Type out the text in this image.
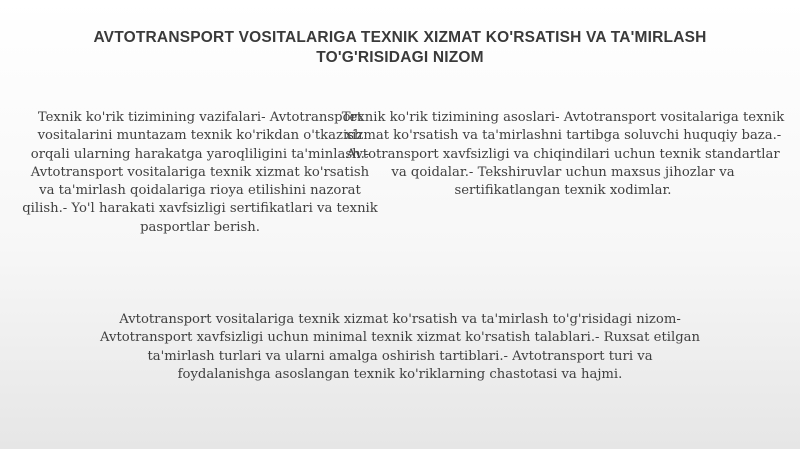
AVTOTRANSPORT VOSITALARIGA TEXNIK XIZMAT KO'RSATISH VA TA'MIRLASH TO'G'RISIDAGI NIZOM

Texnik ko'rik tizimining vazifalari- Avtotransport vositalarini muntazam texnik ko'rikdan o'tkazish orqali ularning harakatga yaroqliligini ta'minlash.- Avtotransport vositalariga texnik xizmat ko'rsatish va ta'mirlash qoidalariga rioya etilishini nazorat qilish.- Yo'l harakati xavfsizligi sertifikatlari va texnik pasportlar berish.

Texnik ko'rik tizimining asoslari- Avtotransport vositalariga texnik xizmat ko'rsatish va ta'mirlashni tartibga soluvchi huquqiy baza.- Avtotransport xavfsizligi va chiqindilari uchun texnik standartlar va qoidalar.- Tekshiruvlar uchun maxsus jihozlar va sertifikatlangan texnik xodimlar.

Avtotransport vositalariga texnik xizmat ko'rsatish va ta'mirlash to'g'risidagi nizom- Avtotransport xavfsizligi uchun minimal texnik xizmat ko'rsatish talablari.- Ruxsat etilgan ta'mirlash turlari va ularni amalga oshirish tartiblari.- Avtotransport turi va foydalanishga asoslangan texnik ko'riklarning chastotasi va hajmi.
